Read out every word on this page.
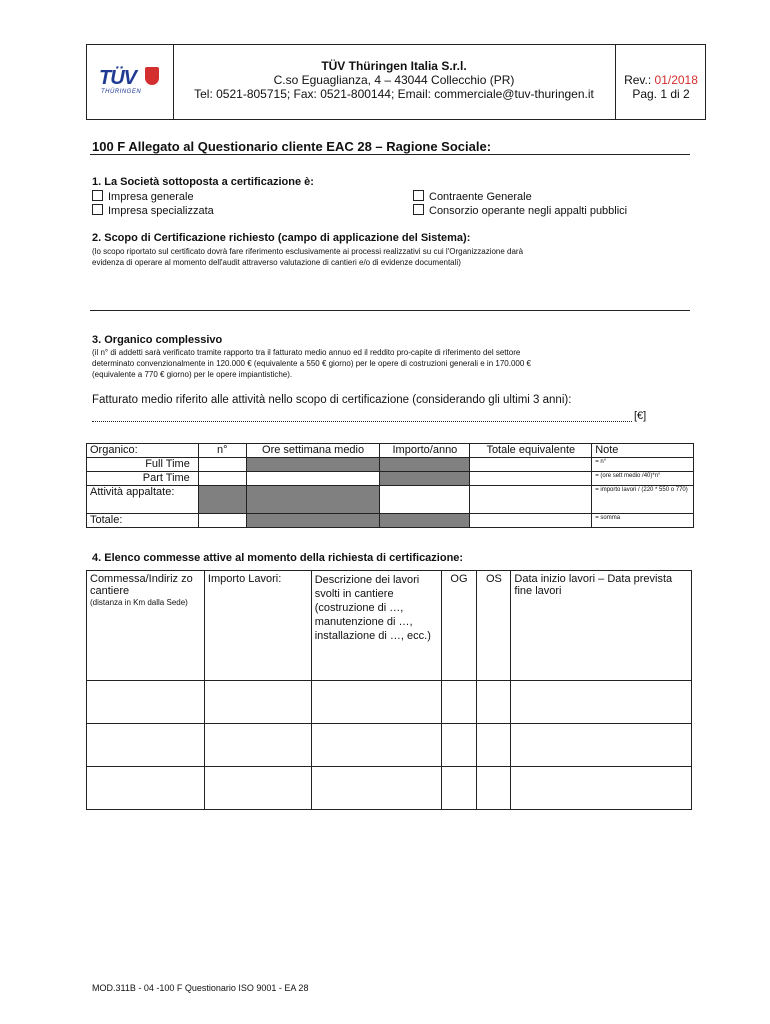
TÜV
THÜRINGEN
TÜV Thüringen Italia S.r.l.
C.so Eguaglianza, 4 – 43044 Collecchio (PR)
Tel: 0521-805715; Fax: 0521-800144; Email: commerciale@tuv-thuringen.it
Rev.: 01/2018
Pag. 1 di 2
100 F Allegato al Questionario cliente EAC 28 – Ragione Sociale:
1. La Società sottoposta a certificazione è:
Impresa generale
Impresa specializzata
Contraente Generale
Consorzio operante negli appalti pubblici
2. Scopo di Certificazione richiesto (campo di applicazione del Sistema):
(lo scopo riportato sul certificato dovrà fare riferimento esclusivamente ai processi realizzativi su cui l'Organizzazione darà
evidenza di operare al momento dell'audit attraverso valutazione di cantieri e/o di evidenze documentali)
3. Organico complessivo
(il n° di addetti sarà verificato tramite rapporto tra il fatturato medio annuo ed il reddito pro-capite di riferimento del settore
determinato convenzionalmente in 120.000 € (equivalente a 550 € giorno) per le opere di costruzioni generali e in 170.000 €
(equivalente a 770 € giorno) per le opere impiantistiche).
Fatturato medio riferito alle attività nello scopo di certificazione (considerando gli ultimi 3 anni):
[€]
Organico:	n°	Ore settimana medio	Importo/anno	Totale equivalente	Note
Full Time					= n°
Part Time					= (ore sett medio /40)*n°
Attività appaltate:					= importo lavori / (220 * 550 o 770)
Totale:					= somma
4. Elenco commesse attive al momento della richiesta di certificazione:
Commessa/Indiriz zo cantiere
(distanza in Km dalla Sede)	Importo Lavori:	Descrizione dei lavori svolti in cantiere (costruzione di …, manutenzione di …, installazione di …, ecc.)	OG	OS	Data inizio lavori – Data prevista fine lavori

MOD.311B - 04 -100 F Questionario ISO 9001 - EA 28
